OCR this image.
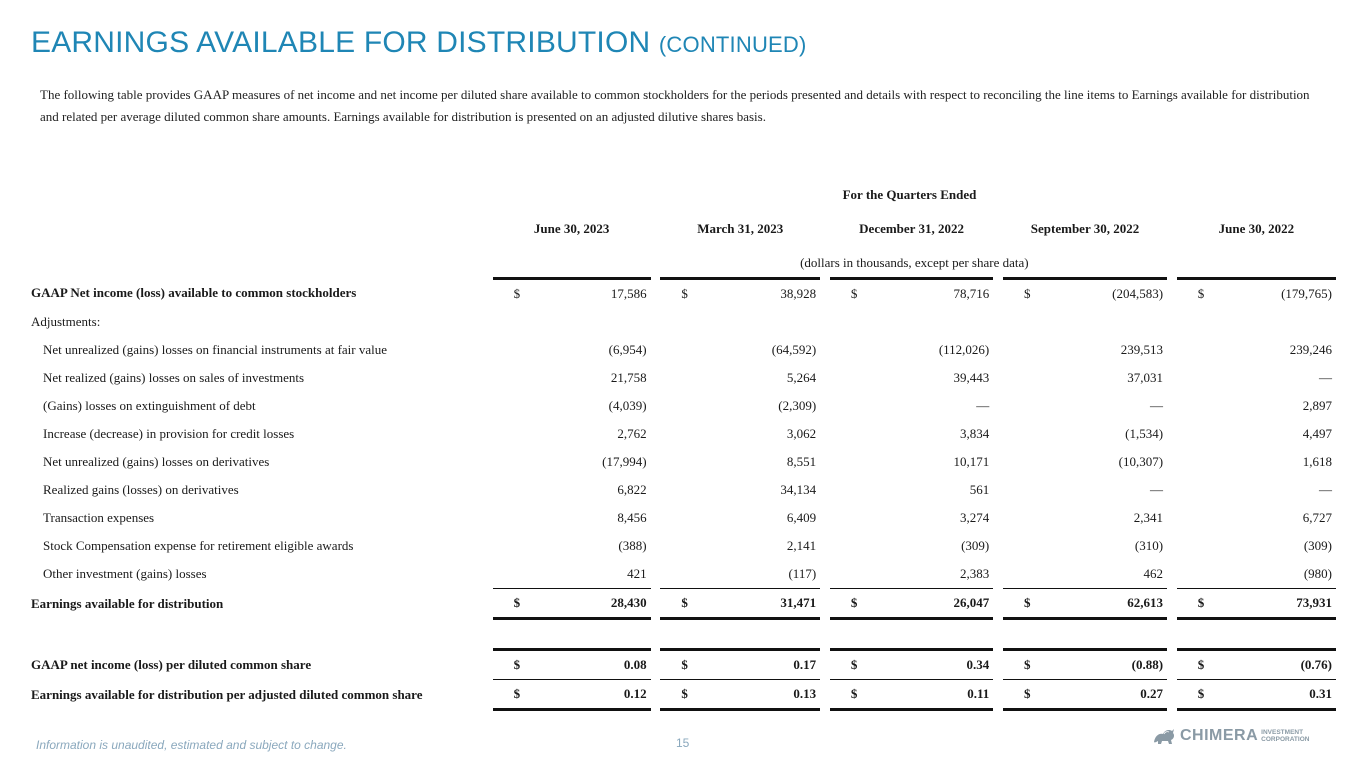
EARNINGS AVAILABLE FOR DISTRIBUTION (CONTINUED)
The following table provides GAAP measures of net income and net income per diluted share available to common stockholders for the periods presented and details with respect to reconciling the line items to Earnings available for distribution and related per average diluted common share amounts. Earnings available for distribution is presented on an adjusted dilutive shares basis.
	For the Quarters Ended														
		June 30, 2023			March 31, 2023			December 31, 2022			September 30, 2022			June 30, 2022	
		(dollars in thousands, except per share data)													
GAAP Net income (loss) available to common stockholders		$	17,586		$	38,928		$	78,716		$	(204,583)		$	(179,765)
Adjustments:															
Net unrealized (gains) losses on financial instruments at fair value			(6,954)			(64,592)			(112,026)			239,513			239,246
Net realized (gains) losses on sales of investments			21,758			5,264			39,443			37,031			—
(Gains) losses on extinguishment of debt			(4,039)			(2,309)			—			—			2,897
Increase (decrease) in provision for credit losses			2,762			3,062			3,834			(1,534)			4,497
Net unrealized (gains) losses on derivatives			(17,994)			8,551			10,171			(10,307)			1,618
Realized gains (losses) on derivatives			6,822			34,134			561			—			—
Transaction expenses			8,456			6,409			3,274			2,341			6,727
Stock Compensation expense for retirement eligible awards			(388)			2,141			(309)			(310)			(309)
Other investment (gains) losses			421			(117)			2,383			462			(980)
Earnings available for distribution		$	28,430		$	31,471		$	26,047		$	62,613		$	73,931

GAAP net income (loss) per diluted common share		$	0.08		$	0.17		$	0.34		$	(0.88)		$	(0.76)
Earnings available for distribution per adjusted diluted common share		$	0.12		$	0.13		$	0.11		$	0.27		$	0.31
Information is unaudited, estimated and subject to change.	15	CHIMERA INVESTMENT
CORPORATION
